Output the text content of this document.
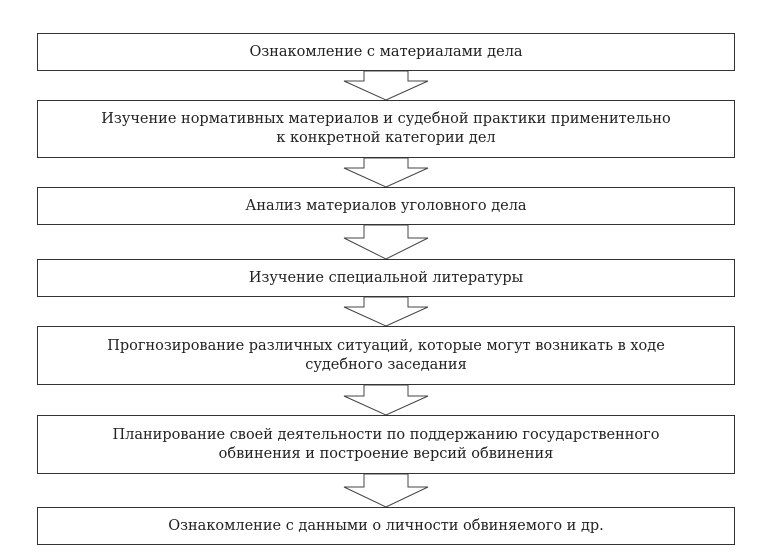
Ознакомление с материалами дела
Изучение нормативных материалов и судебной практики применительно
к конкретной категории дел
Анализ материалов уголовного дела
Изучение специальной литературы
Прогнозирование различных ситуаций, которые могут возникать в ходе
судебного заседания
Планирование своей деятельности по поддержанию государственного
обвинения и построение версий обвинения
Ознакомление с данными о личности обвиняемого и др.
